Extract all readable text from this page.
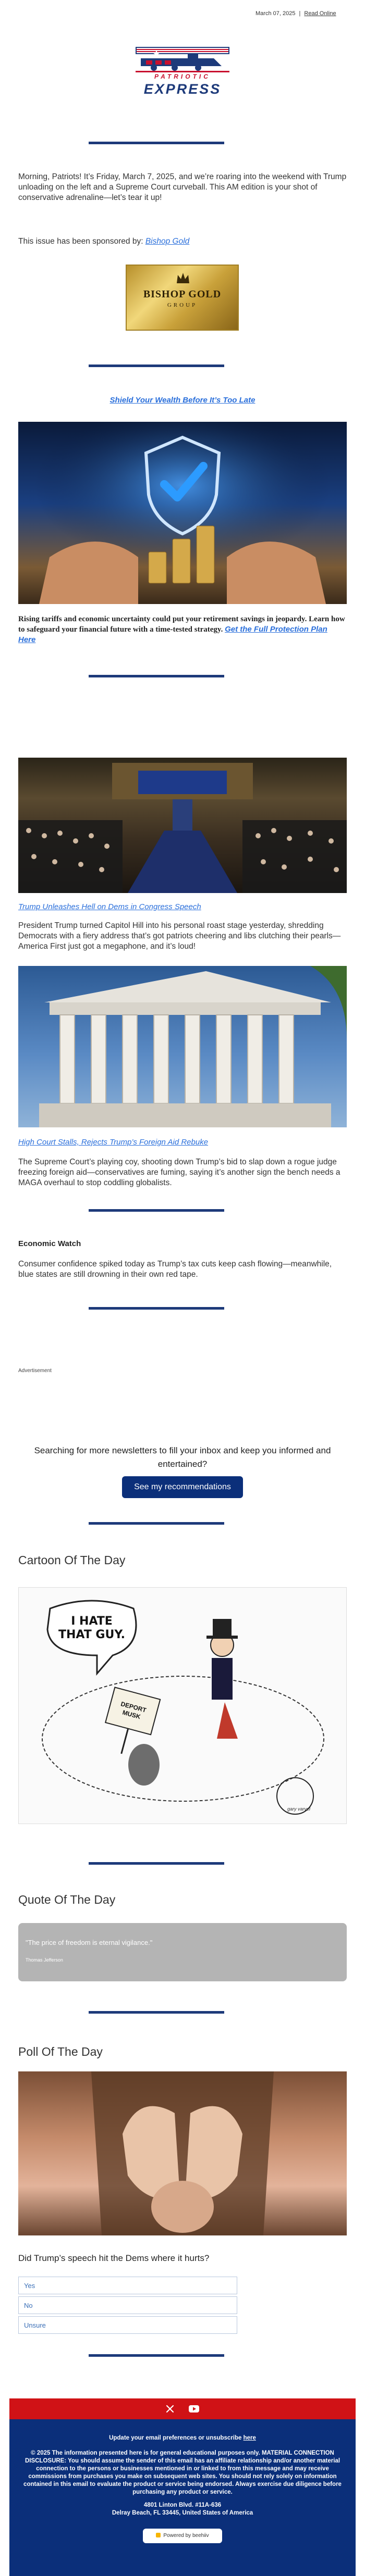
March 07, 2025 | Read Online
PATRIOTIC
EXPRESS

Morning, Patriots! It’s Friday, March 7, 2025, and we’re roaring into the weekend with Trump unloading on the left and a Supreme Court curveball. This AM edition is your shot of conservative adrenaline—let’s tear it up!

This issue has been sponsored by: Bishop Gold

BISHOP GOLD
GROUP
Shield Your Wealth Before It’s Too Late

Rising tariffs and economic uncertainty could put your retirement savings in jeopardy. Learn how to safeguard your financial future with a time-tested strategy. Get the Full Protection Plan Here

Trump Unleashes Hell on Dems in Congress Speech

President Trump turned Capitol Hill into his personal roast stage yesterday, shredding Democrats with a fiery address that’s got patriots cheering and libs clutching their pearls—America First just got a megaphone, and it’s loud!

High Court Stalls, Rejects Trump’s Foreign Aid Rebuke

The Supreme Court’s playing coy, shooting down Trump’s bid to slap down a rogue judge freezing foreign aid—conservatives are fuming, saying it’s another sign the bench needs a MAGA overhaul to stop coddling globalists.

Economic Watch

Consumer confidence spiked today as Trump’s tax cuts keep cash flowing—meanwhile, blue states are still drowning in their own red tape.

Advertisement
Searching for more newsletters to fill your inbox and keep you informed and entertained?
See my recommendations
Cartoon Of The Day
I HATE THAT GUY.
DEPORT MUSK
gary varvel
Quote Of The Day
"The price of freedom is eternal vigilance."
Thomas Jefferson
Poll Of The Day
Did Trump’s speech hit the Dems where it hurts?
Yes
No
Unsure
Update your email preferences or unsubscribe here
© 2025 The information presented here is for general educational purposes only. MATERIAL CONNECTION DISCLOSURE: You should assume the sender of this email has an affiliate relationship and/or another material connection to the persons or businesses mentioned in or linked to from this message and may receive commissions from purchases you make on subsequent web sites. You should not rely solely on information contained in this email to evaluate the product or service being endorsed. Always exercise due diligence before purchasing any product or service.
4801 Linton Blvd. #11A-636
Delray Beach, FL 33445, United States of America
Powered by beehiiv
